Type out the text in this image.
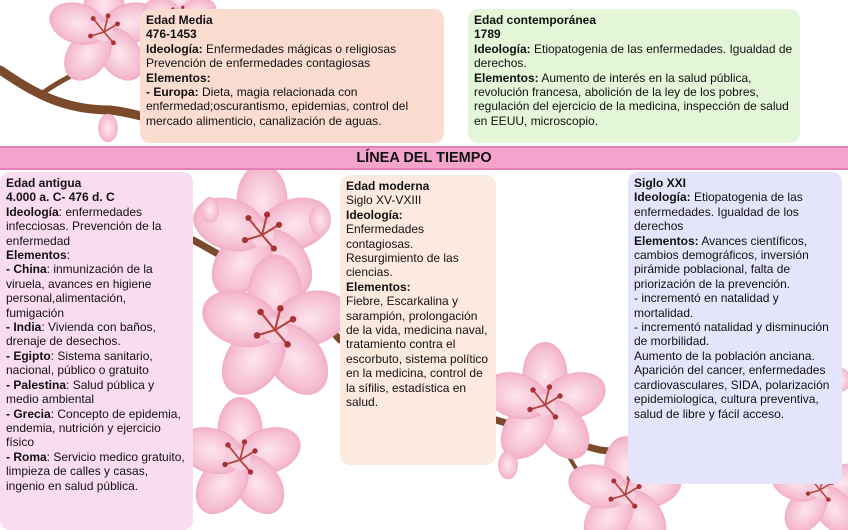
Edad Media
476-1453
Ideología: Enfermedades mágicas o religiosas
Prevención de enfermedades contagiosas
Elementos:
- Europa: Dieta, magia relacionada con enfermedad;oscurantismo, epidemias, control del mercado alimenticio, canalización de aguas.
Edad contemporánea
1789
Ideología: Etiopatogenia de las enfermedades. Igualdad de derechos.
Elementos: Aumento de interés en la salud pública, revolución francesa, abolición de la ley de los pobres, regulación del ejercicio de la medicina, inspección de salud en EEUU, microscopio.
LÍNEA DEL TIEMPO
Edad antigua
4.000 a. C- 476 d. C
Ideología: enfermedades infecciosas. Prevención de la enfermedad
Elementos:
- China: inmunización de la viruela, avances en higiene personal,alimentación, fumigación
- India: Vivienda con baños, drenaje de desechos.
- Egipto: Sistema sanitario, nacional, público o gratuito
- Palestina: Salud pública y medio ambiental
- Grecia: Concepto de epidemia, endemia, nutrición y ejercicio físico
- Roma: Servicio medico gratuito, limpieza de calles y casas, ingenio en salud pública.
Edad moderna
Siglo XV-VXIII
Ideología:
Enfermedades contagiosas. Resurgimiento de las ciencias.
Elementos:
Fiebre, Escarkalina y sarampión, prolongación de la vida, medicina naval, tratamiento contra el escorbuto, sistema político en la medicina, control de la sífilis, estadística en salud.
Siglo XXI
Ideología: Etiopatogenia de las enfermedades. Igualdad de los derechos
Elementos: Avances científicos, cambios demográficos, inversión pirámide poblacional, falta de priorización de la prevención.
- incrementó en natalidad y mortalidad.
- incrementó natalidad y disminución de morbilidad.
Aumento de la población anciana. Aparición del cancer, enfermedades cardiovasculares, SIDA, polarización epidemiologica, cultura preventiva, salud de libre y fácil acceso.
